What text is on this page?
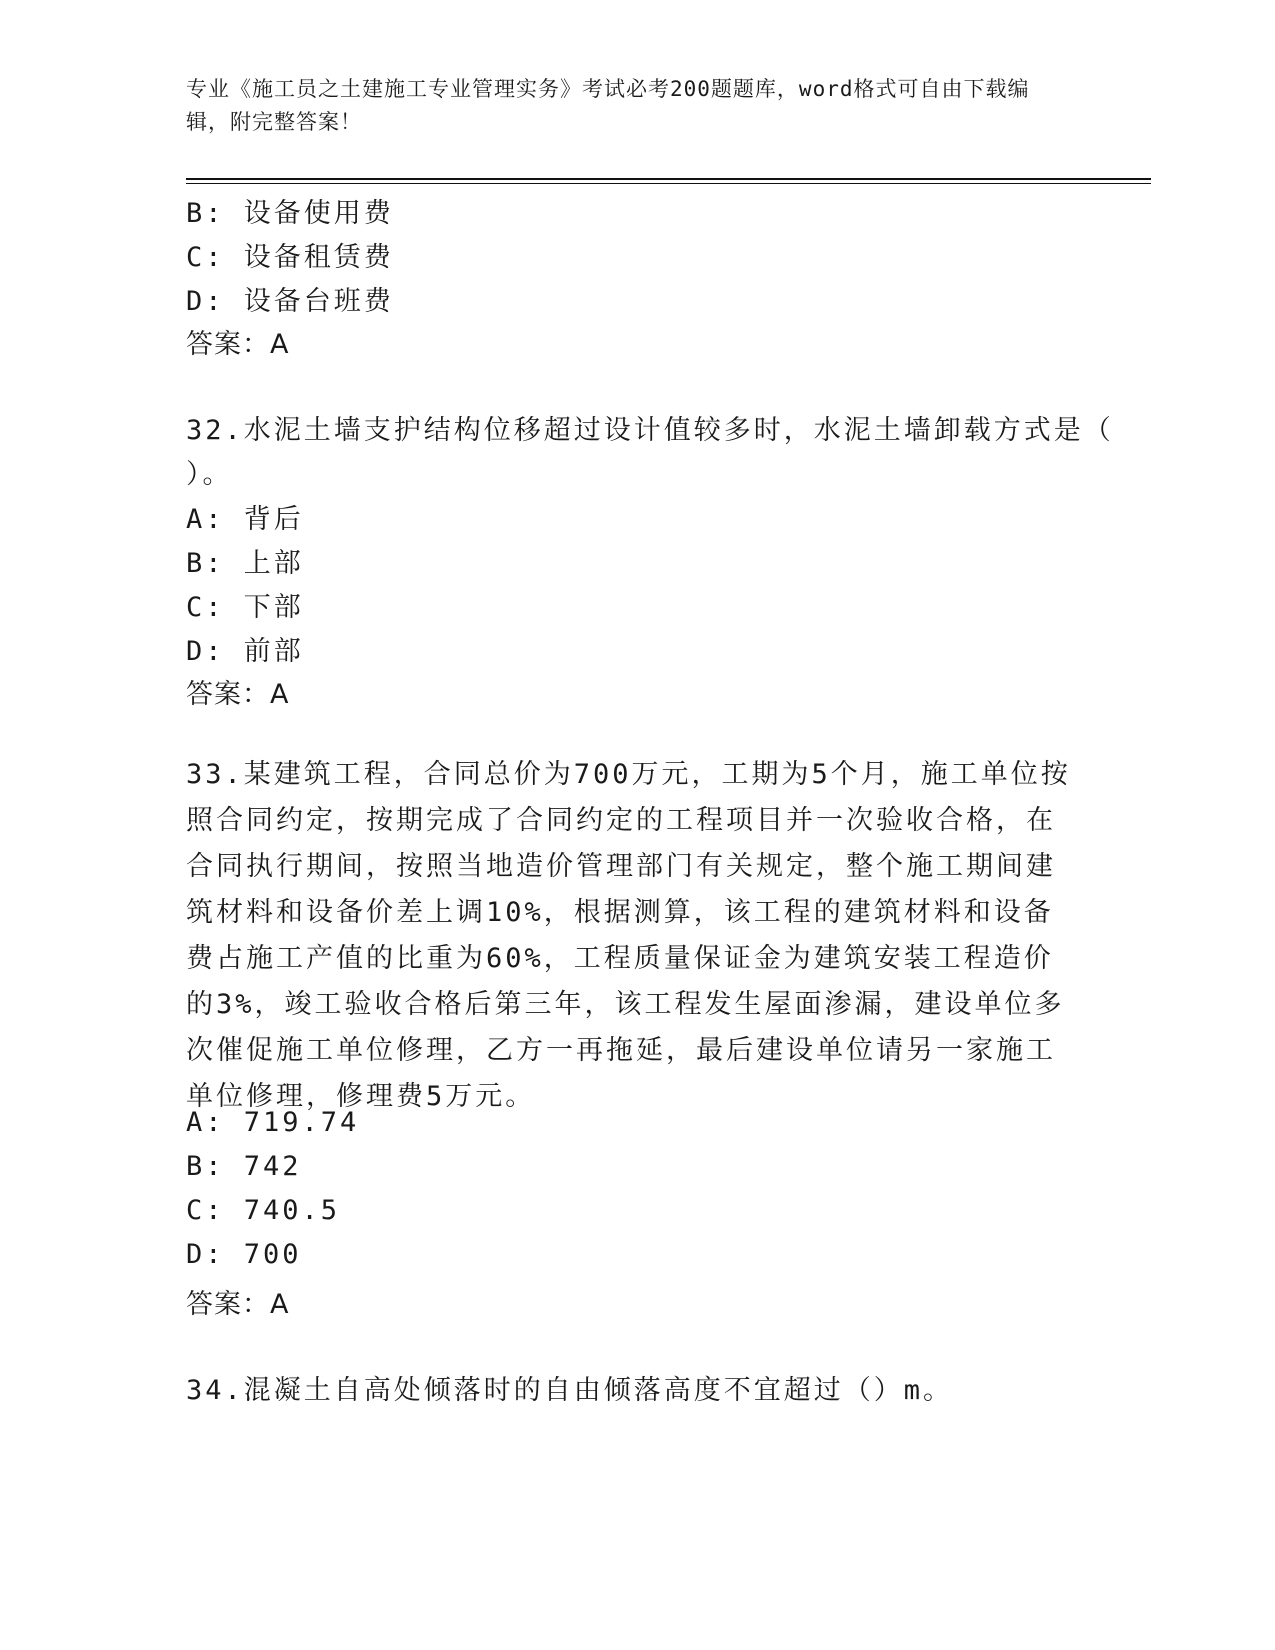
专业《施工员之土建施工专业管理实务》考试必考200题题库，word格式可自由下载编辑，附完整答案！
B: 设备使用费
C: 设备租赁费
D: 设备台班费
答案：A
32.水泥土墙支护结构位移超过设计值较多时，水泥土墙卸载方式是（
）。
A: 背后
B: 上部
C: 下部
D: 前部
答案：A
33.某建筑工程，合同总价为700万元，工期为5个月，施工单位按照合同约定，按期完成了合同约定的工程项目并一次验收合格，在合同执行期间，按照当地造价管理部门有关规定，整个施工期间建筑材料和设备价差上调10%，根据测算，该工程的建筑材料和设备费占施工产值的比重为60%，工程质量保证金为建筑安装工程造价的3%，竣工验收合格后第三年，该工程发生屋面渗漏，建设单位多次催促施工单位修理，乙方一再拖延，最后建设单位请另一家施工单位修理，修理费5万元。
A: 719.74
B: 742
C: 740.5
D: 700
答案：A
34.混凝土自高处倾落时的自由倾落高度不宜超过（）m。
